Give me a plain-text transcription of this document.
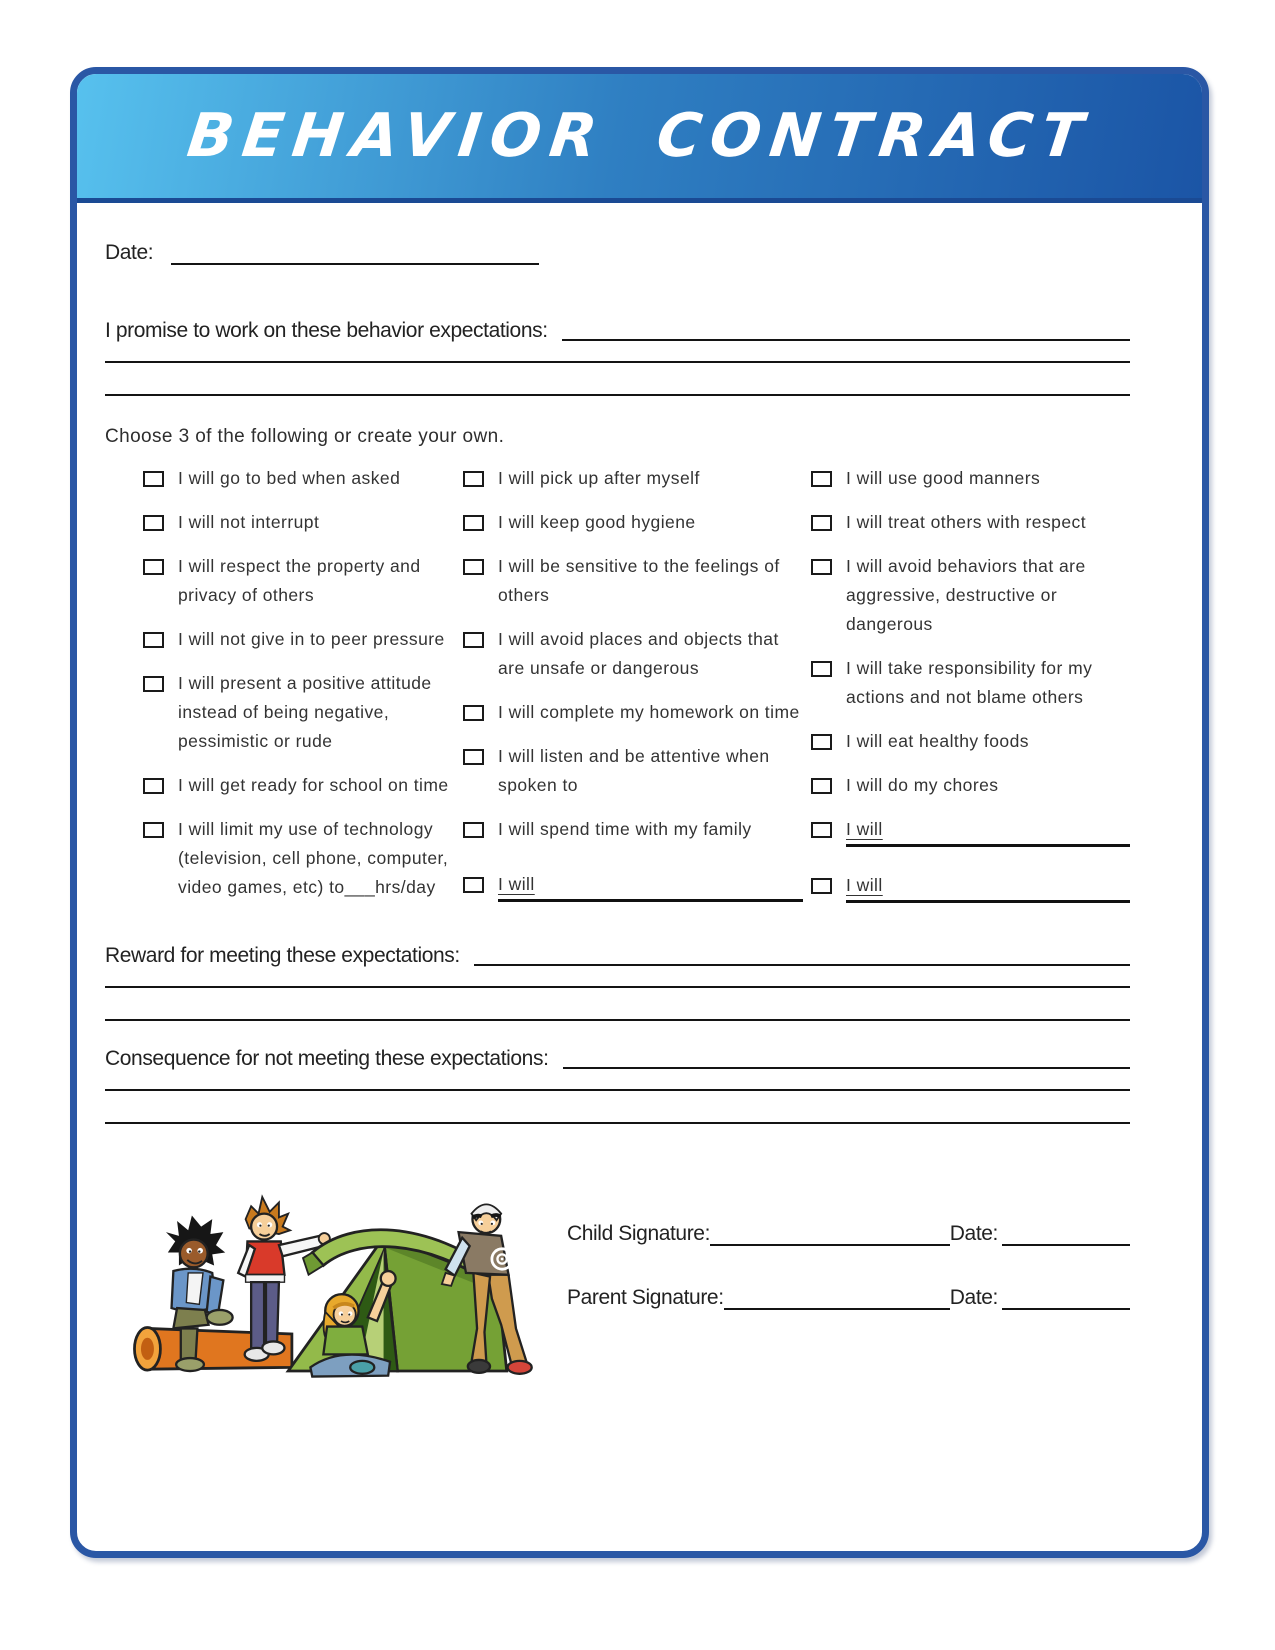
BEHAVIOR CONTRACT
Date:
I promise to work on these behavior expectations:
Choose 3 of the following or create your own.
I will go to bed when asked
I will not interrupt
I will respect the property and privacy of others
I will not give in to peer pressure
I will present a positive attitude instead of being negative, pessimistic or rude
I will get ready for school on time
I will limit my use of technology (television, cell phone, computer, video games, etc) to___hrs/day
I will pick up after myself
I will keep good hygiene
I will be sensitive to the feelings of others
I will avoid places and objects that are unsafe or dangerous
I will complete my homework on time
I will listen and be attentive when spoken to
I will spend time with my family
I will
I will use good manners
I will treat others with respect
I will avoid behaviors that are aggressive, destructive or dangerous
I will take responsibility for my actions and not blame others
I will eat healthy foods
I will do my chores
I will
I will
Reward for meeting these expectations:
Consequence for not meeting these expectations:
Child Signature:	Date:
Parent Signature:	Date:
